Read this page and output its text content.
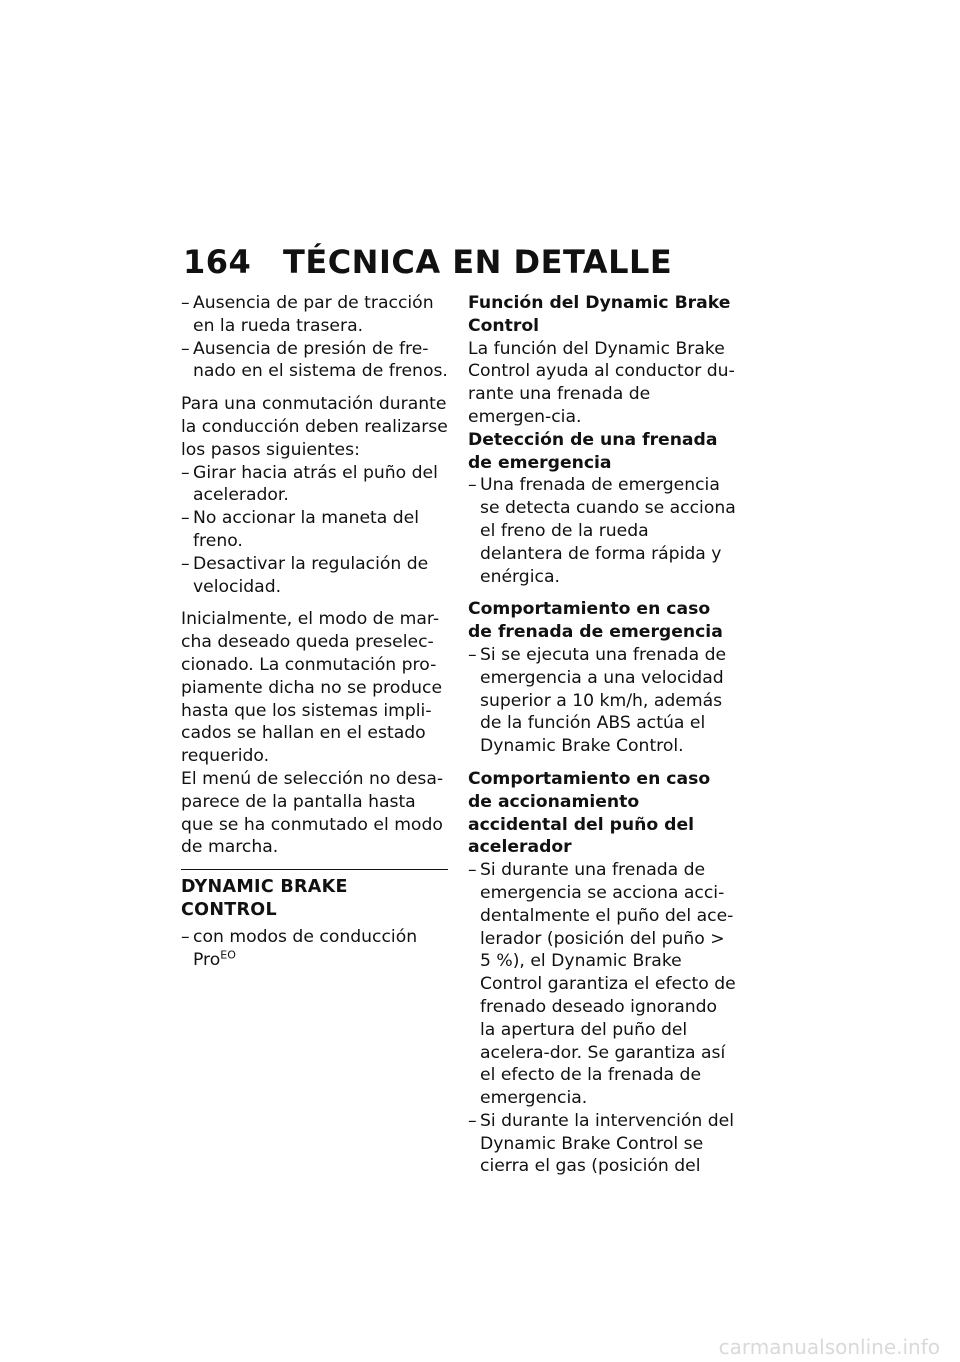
164 TÉCNICA EN DETALLE
– Ausencia de par de tracción en la rueda trasera.
– Ausencia de presión de fre-nado en el sistema de frenos.

Para una conmutación durante la conducción deben realizarse los pasos siguientes:

– Girar hacia atrás el puño del acelerador.
– No accionar la maneta del freno.
– Desactivar la regulación de velocidad.

Inicialmente, el modo de mar-cha deseado queda preselec-cionado. La conmutación pro-piamente dicha no se produce hasta que los sistemas impli-cados se hallan en el estado requerido.

El menú de selección no desa-parece de la pantalla hasta que se ha conmutado el modo de marcha.

DYNAMIC BRAKE CONTROL
– con modos de conducción Pro$^{EO}$
Función del Dynamic Brake Control

La función del Dynamic Brake Control ayuda al conductor du-rante una frenada de emergen-cia.

Detección de una frenada de emergencia
– Una frenada de emergencia se detecta cuando se acciona el freno de la rueda delantera de forma rápida y enérgica.
Comportamiento en caso de frenada de emergencia
– Si se ejecuta una frenada de emergencia a una velocidad superior a 10 km/h, además de la función ABS actúa el Dynamic Brake Control.
Comportamiento en caso de accionamiento accidental del puño del acelerador
– Si durante una frenada de emergencia se acciona acci-dentalmente el puño del ace-lerador (posición del puño > 5 %), el Dynamic Brake Control garantiza el efecto de frenado deseado ignorando la apertura del puño del acelera-dor. Se garantiza así el efecto de la frenada de emergencia.
– Si durante la intervención del Dynamic Brake Control se cierra el gas (posición del
carmanualsonline.info
